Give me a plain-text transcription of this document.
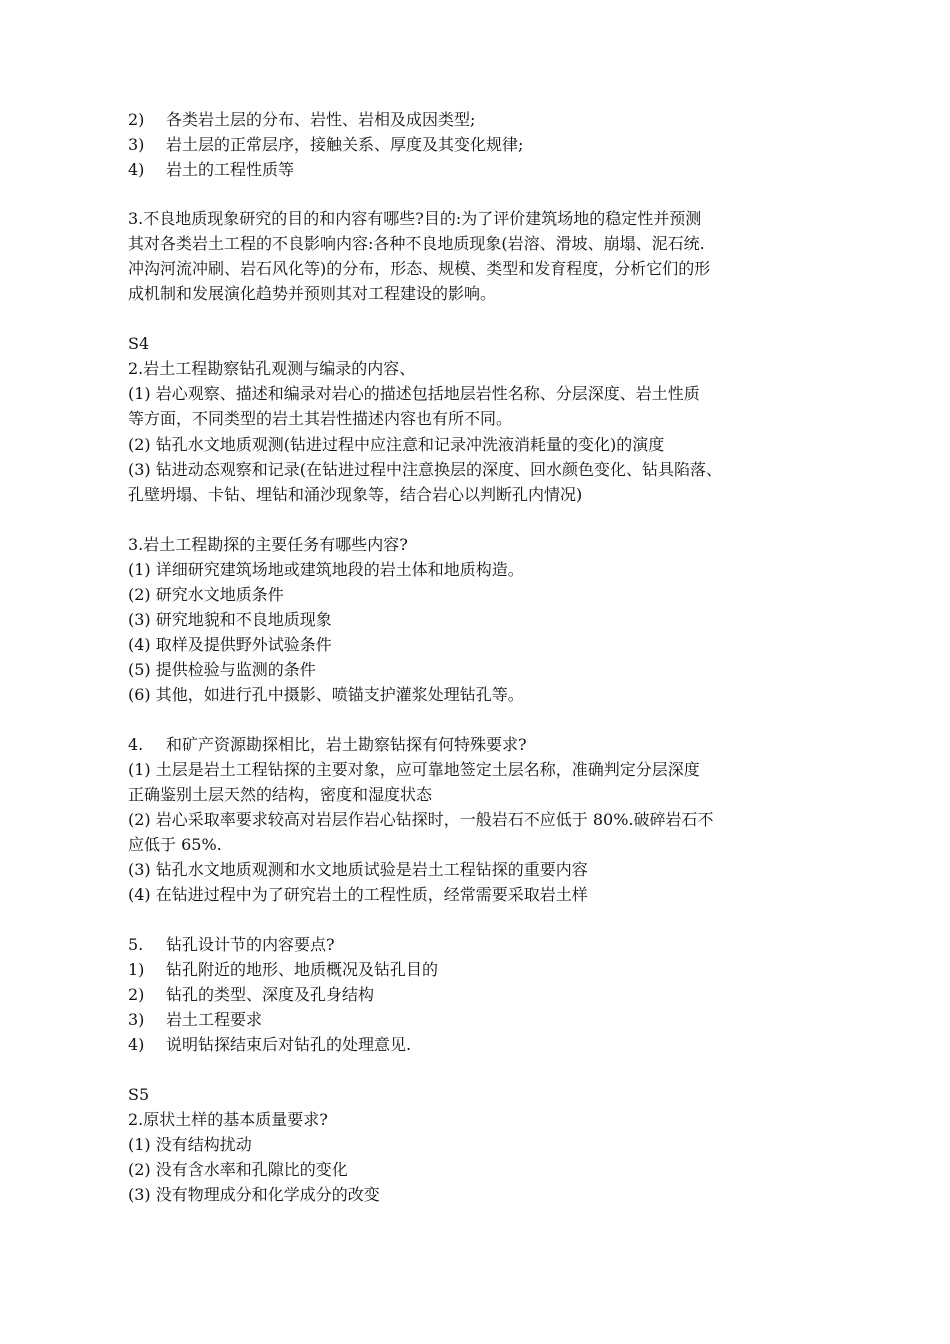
2) 各类岩土层的分布、岩性、岩相及成因类型;
3) 岩土层的正常层序，接触关系、厚度及其变化规律;
4) 岩土的工程性质等
3.不良地质现象研究的目的和内容有哪些?目的:为了评价建筑场地的稳定性并预测
其对各类岩土工程的不良影响内容:各种不良地质现象(岩溶、滑坡、崩塌、泥石统.
冲沟河流冲刷、岩石风化等)的分布，形态、规模、类型和发育程度，分析它们的形
成机制和发展演化趋势并预则其对工程建设的影响。
S4
2.岩土工程勘察钻孔观测与编录的内容、
(1) 岩心观察、描述和编录对岩心的描述包括地层岩性名称、分层深度、岩土性质
等方面，不同类型的岩土其岩性描述内容也有所不同。
(2) 钻孔水文地质观测(钻进过程中应注意和记录冲洗液消耗量的变化)的演度
(3) 钻进动态观察和记录(在钻进过程中注意换层的深度、回水颜色变化、钻具陷落、
孔壁坍塌、卡钻、埋钻和涌沙现象等，结合岩心以判断孔内情况)
3.岩土工程勘探的主要任务有哪些内容?
(1) 详细研究建筑场地或建筑地段的岩土体和地质构造。
(2) 研究水文地质条件
(3) 研究地貌和不良地质现象
(4) 取样及提供野外试验条件
(5) 提供检验与监测的条件
(6) 其他，如进行孔中摄影、喷锚支护灌浆处理钻孔等。
4. 和矿产资源勘探相比，岩土勘察钻探有何特殊要求?
(1) 土层是岩土工程钻探的主要对象，应可靠地签定土层名称，准确判定分层深度
正确鉴别土层天然的结构，密度和湿度状态
(2) 岩心采取率要求较高对岩层作岩心钻探时，一般岩石不应低于 80%.破碎岩石不
应低于 65%.
(3) 钻孔水文地质观测和水文地质试验是岩土工程钻探的重要内容
(4) 在钻进过程中为了研究岩土的工程性质，经常需要采取岩土样
5. 钻孔设计节的内容要点?
1) 钻孔附近的地形、地质概况及钻孔目的
2) 钻孔的类型、深度及孔身结构
3) 岩土工程要求
4) 说明钻探结束后对钻孔的处理意见.
S5
2.原状土样的基本质量要求?
(1) 没有结构扰动
(2) 没有含水率和孔隙比的变化
(3) 没有物理成分和化学成分的改变
